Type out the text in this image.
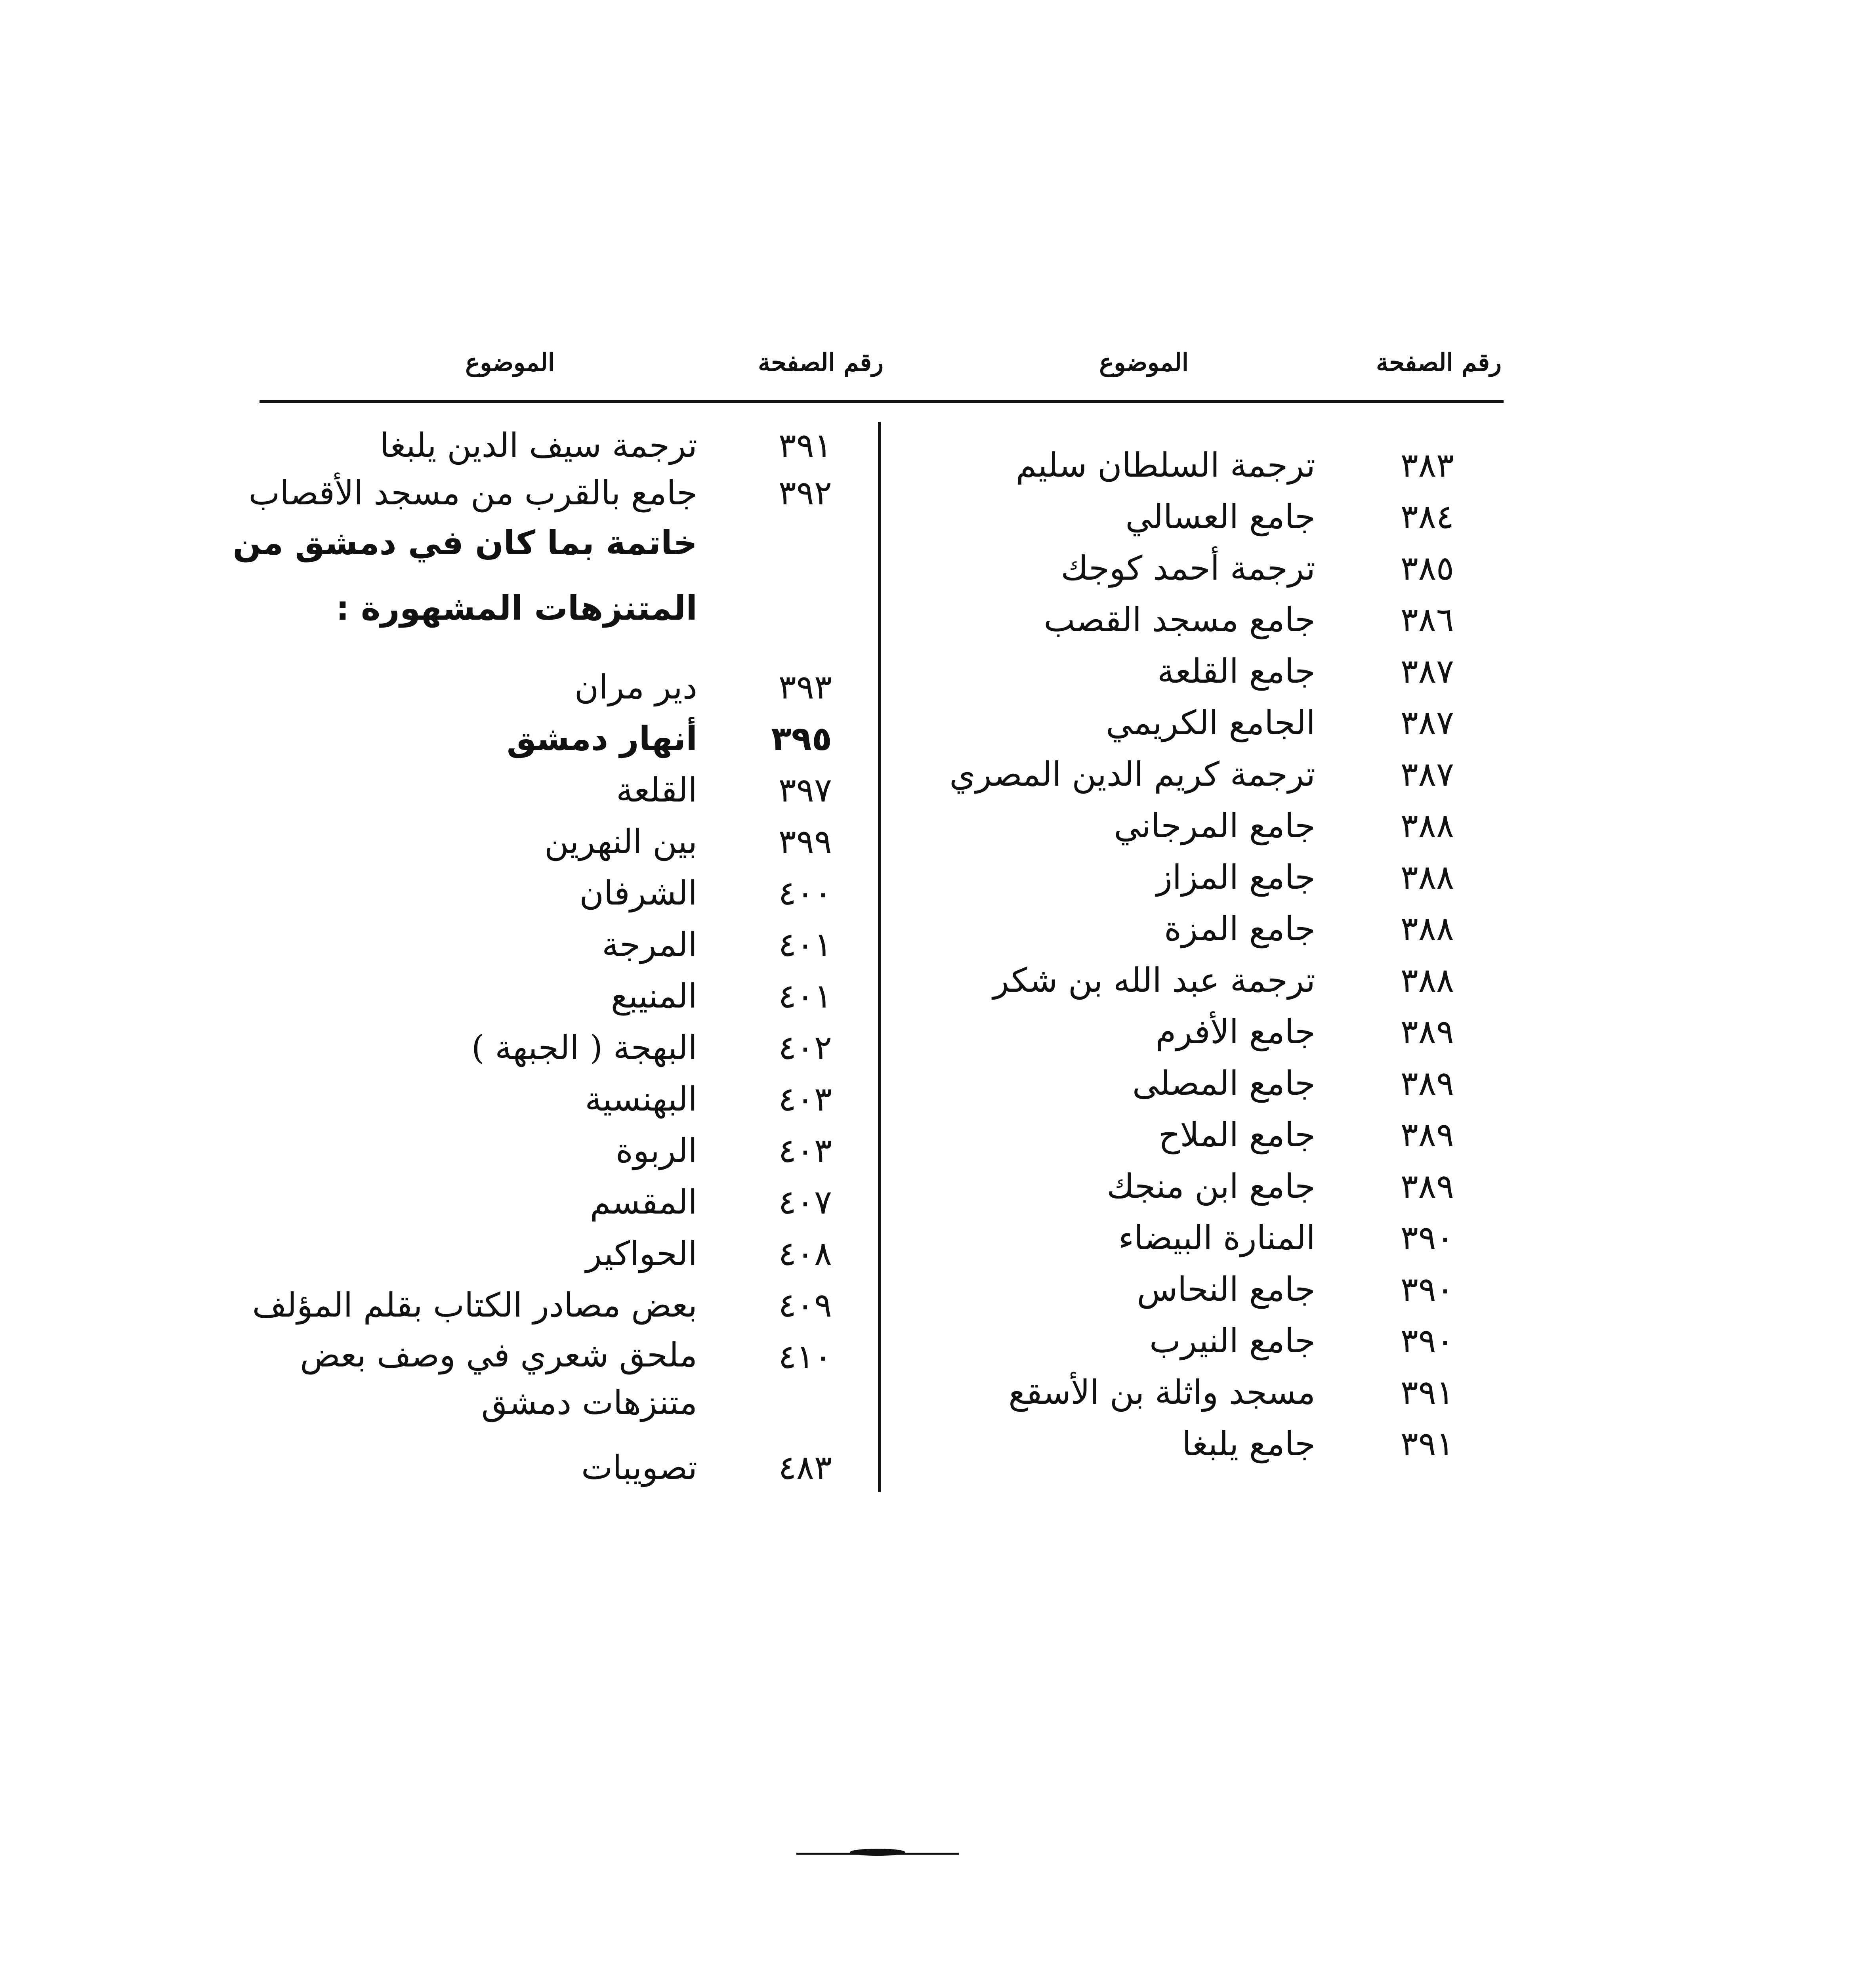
رقم الصفحة
الموضوع
رقم الصفحة
الموضوع
٣٨٣
ترجمة السلطان سليم
٣٨٤
جامع العسالي
٣٨٥
ترجمة أحمد كوجك
٣٨٦
جامع مسجد القصب
٣٨٧
جامع القلعة
٣٨٧
الجامع الكريمي
٣٨٧
ترجمة كريم الدين المصري
٣٨٨
جامع المرجاني
٣٨٨
جامع المزاز
٣٨٨
جامع المزة
٣٨٨
ترجمة عبد الله بن شكر
٣٨٩
جامع الأفرم
٣٨٩
جامع المصلى
٣٨٩
جامع الملاح
٣٨٩
جامع ابن منجك
٣٩٠
المنارة البيضاء
٣٩٠
جامع النحاس
٣٩٠
جامع النيرب
٣٩١
مسجد واثلة بن الأسقع
٣٩١
جامع يلبغا
٣٩١
ترجمة سيف الدين يلبغا
٣٩٢
جامع بالقرب من مسجد الأقصاب
خاتمة بما كان في دمشق من
المتنزهات المشهورة :
٣٩٣
دير مران
٣٩٥
أنهار دمشق
٣٩٧
القلعة
٣٩٩
بين النهرين
٤٠٠
الشرفان
٤٠١
المرجة
٤٠١
المنيبع
٤٠٢
البهجة ( الجبهة )
٤٠٣
البهنسية
٤٠٣
الربوة
٤٠٧
المقسم
٤٠٨
الحواكير
٤٠٩
بعض مصادر الكتاب بقلم المؤلف
٤١٠
ملحق شعري في وصف بعض متنزهات دمشق
٤٨٣
تصويبات
